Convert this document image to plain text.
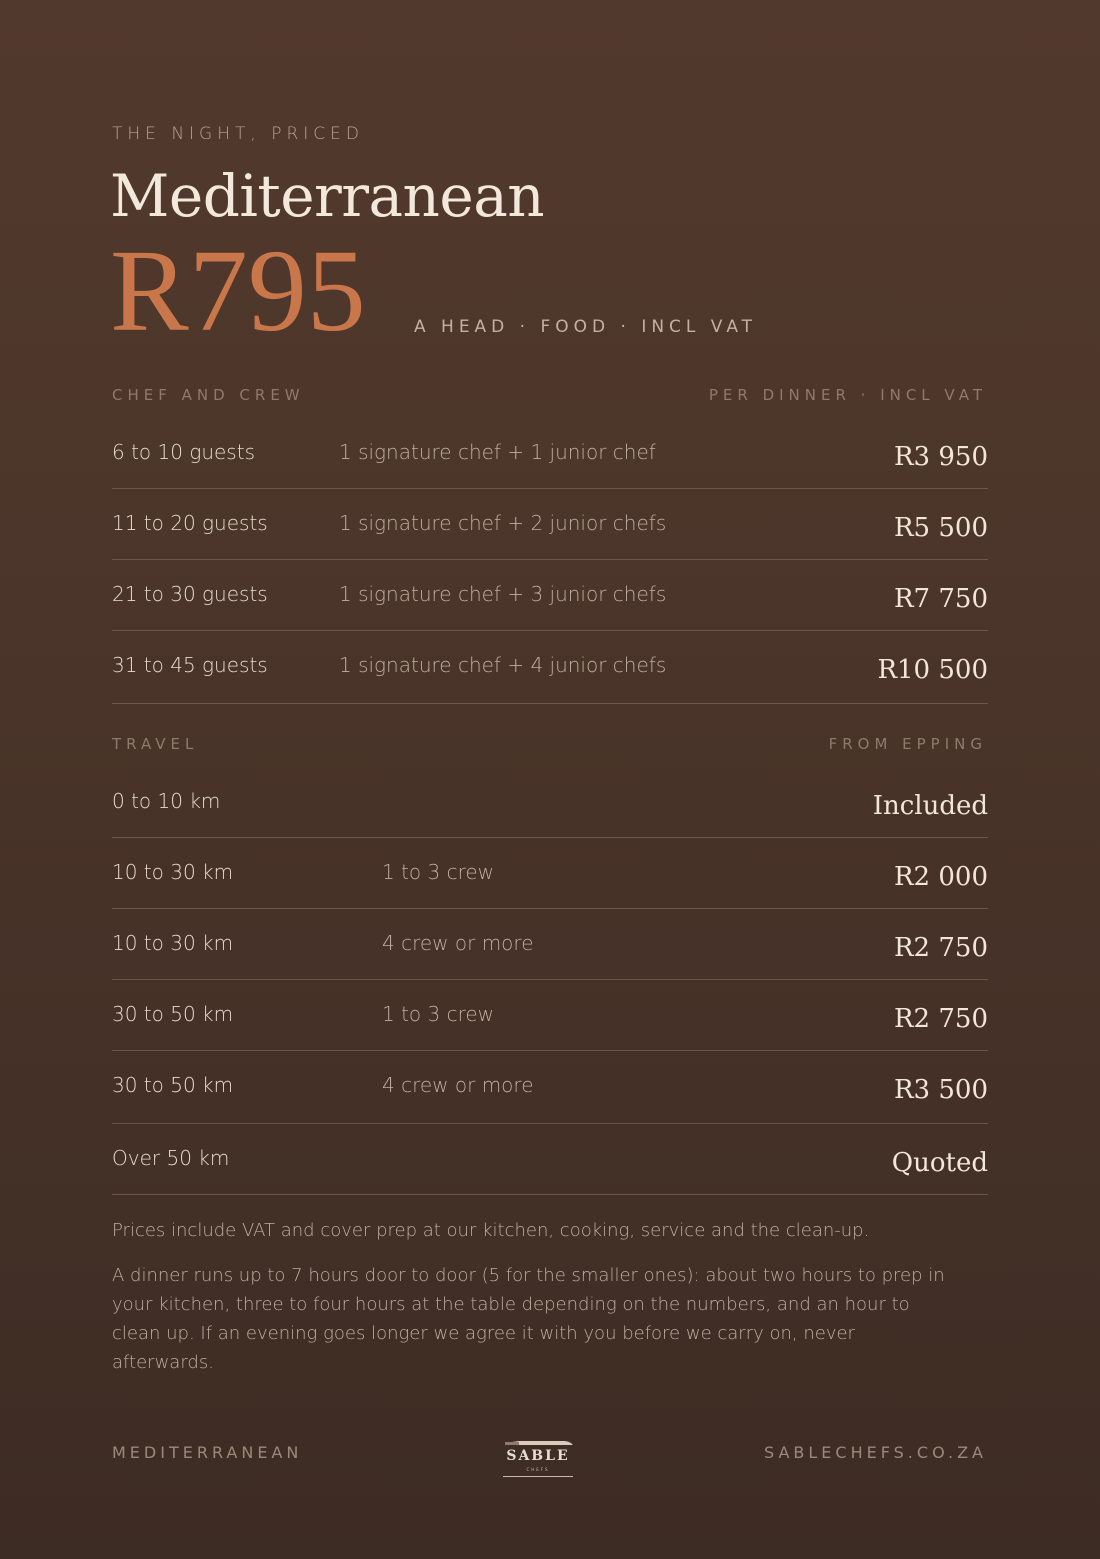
THE NIGHT, PRICED
Mediterranean
R795	A HEAD · FOOD · INCL VAT
CHEF AND CREW	PER DINNER · INCL VAT
6 to 10 guests	1 signature chef + 1 junior chef	R3 950
11 to 20 guests	1 signature chef + 2 junior chefs	R5 500
21 to 30 guests	1 signature chef + 3 junior chefs	R7 750
31 to 45 guests	1 signature chef + 4 junior chefs	R10 500
TRAVEL	FROM EPPING
0 to 10 km	Included
10 to 30 km	1 to 3 crew	R2 000
10 to 30 km	4 crew or more	R2 750
30 to 50 km	1 to 3 crew	R2 750
30 to 50 km	4 crew or more	R3 500
Over 50 km	Quoted
Prices include VAT and cover prep at our kitchen, cooking, service and the clean-up.
A dinner runs up to 7 hours door to door (5 for the smaller ones): about two hours to prep in your kitchen, three to four hours at the table depending on the numbers, and an hour to clean up. If an evening goes longer we agree it with you before we carry on, never afterwards.
MEDITERRANEAN	SABLECHEFS.CO.ZA
SABLE
CHEFS
